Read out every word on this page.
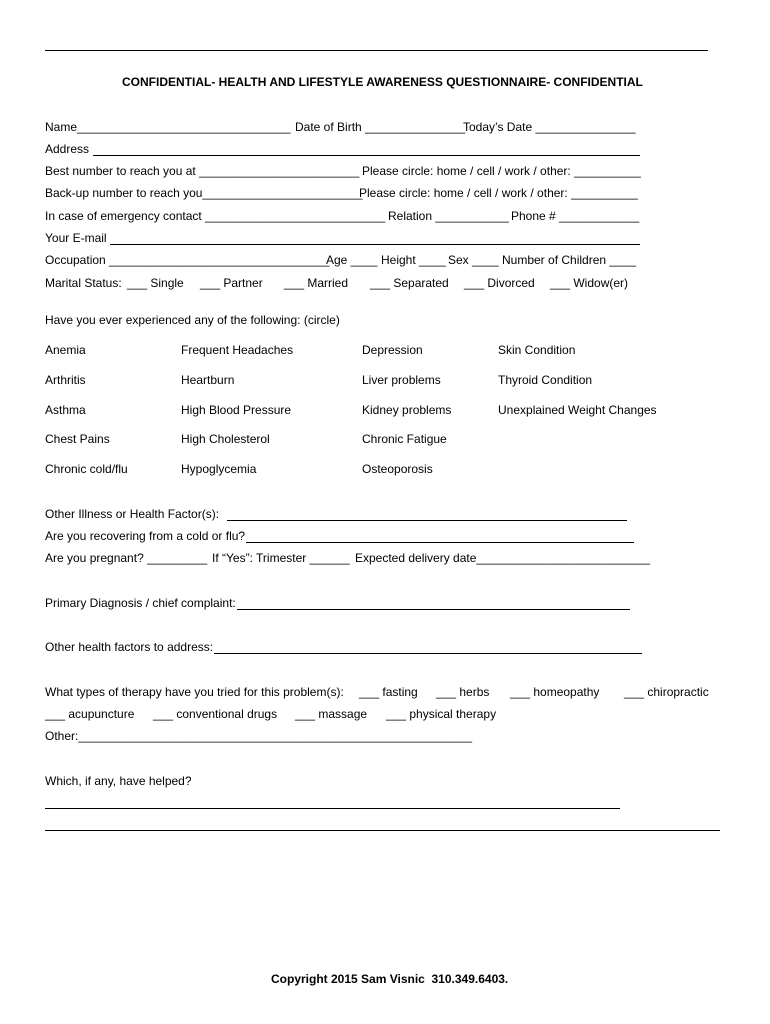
CONFIDENTIAL- HEALTH AND LIFESTYLE AWARENESS QUESTIONNAIRE- CONFIDENTIAL
Name________________________________ Date of Birth _______________
Today’s Date _______________
Address
Best number to reach you at ________________________ Please circle: home / cell / work / other: __________
Back-up number to reach you________________________
Please circle: home / cell / work / other: __________
In case of emergency contact ___________________________ Relation ___________ Phone # ____________
Your E-mail
Occupation _________________________________
Age ____ Height ____ Sex ____ Number of Children ____
Marital Status: ___ Single ___ Partner ___ Married ___ Separated ___ Divorced ___ Widow(er)
Have you ever experienced any of the following: (circle)
Anemia
Arthritis
Asthma
Chest Pains
Chronic cold/flu
Frequent Headaches
Heartburn
High Blood Pressure
High Cholesterol
Hypoglycemia
Depression
Liver problems
Kidney problems
Chronic Fatigue
Osteoporosis
Skin Condition
Thyroid Condition
Unexplained Weight Changes
Other Illness or Health Factor(s):
Are you recovering from a cold or flu?
Are you pregnant? _________ If “Yes”: Trimester ______ Expected delivery date__________________________
Primary Diagnosis / chief complaint:
Other health factors to address:
What types of therapy have you tried for this problem(s): ___ fasting ___ herbs ___ homeopathy ___ chiropractic
___ acupuncture ___ conventional drugs ___ massage ___ physical therapy
Other:___________________________________________________________
Which, if any, have helped?
Copyright 2015 Sam Visnic  310.349.6403.
